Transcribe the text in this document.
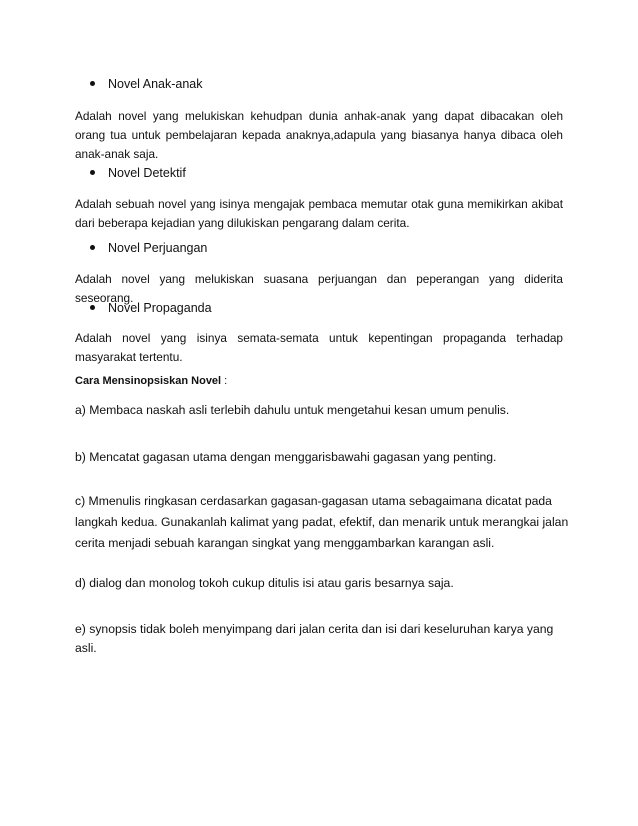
Novel Anak-anak
Adalah novel yang melukiskan kehudpan dunia anhak-anak yang dapat dibacakan oleh orang tua untuk pembelajaran kepada anaknya,adapula yang biasanya hanya dibaca oleh anak-anak saja.
Novel Detektif
Adalah sebuah novel yang isinya mengajak pembaca memutar otak guna memikirkan akibat dari beberapa kejadian yang dilukiskan pengarang dalam cerita.
Novel Perjuangan
Adalah novel yang melukiskan suasana perjuangan dan peperangan yang diderita seseorang.
Novel Propaganda
Adalah novel yang isinya semata-semata untuk kepentingan propaganda terhadap masyarakat tertentu.
Cara Mensinopsiskan Novel :
a) Membaca naskah asli terlebih dahulu untuk mengetahui kesan umum penulis.
b) Mencatat gagasan utama dengan menggarisbawahi gagasan yang penting.
c) Mmenulis ringkasan cerdasarkan gagasan-gagasan utama sebagaimana dicatat pada langkah kedua. Gunakanlah kalimat yang padat, efektif, dan menarik untuk merangkai jalan cerita menjadi sebuah karangan singkat yang menggambarkan karangan asli.
d) dialog dan monolog tokoh cukup ditulis isi atau garis besarnya saja.
e) synopsis tidak boleh menyimpang dari jalan cerita dan isi dari keseluruhan karya yang asli.
